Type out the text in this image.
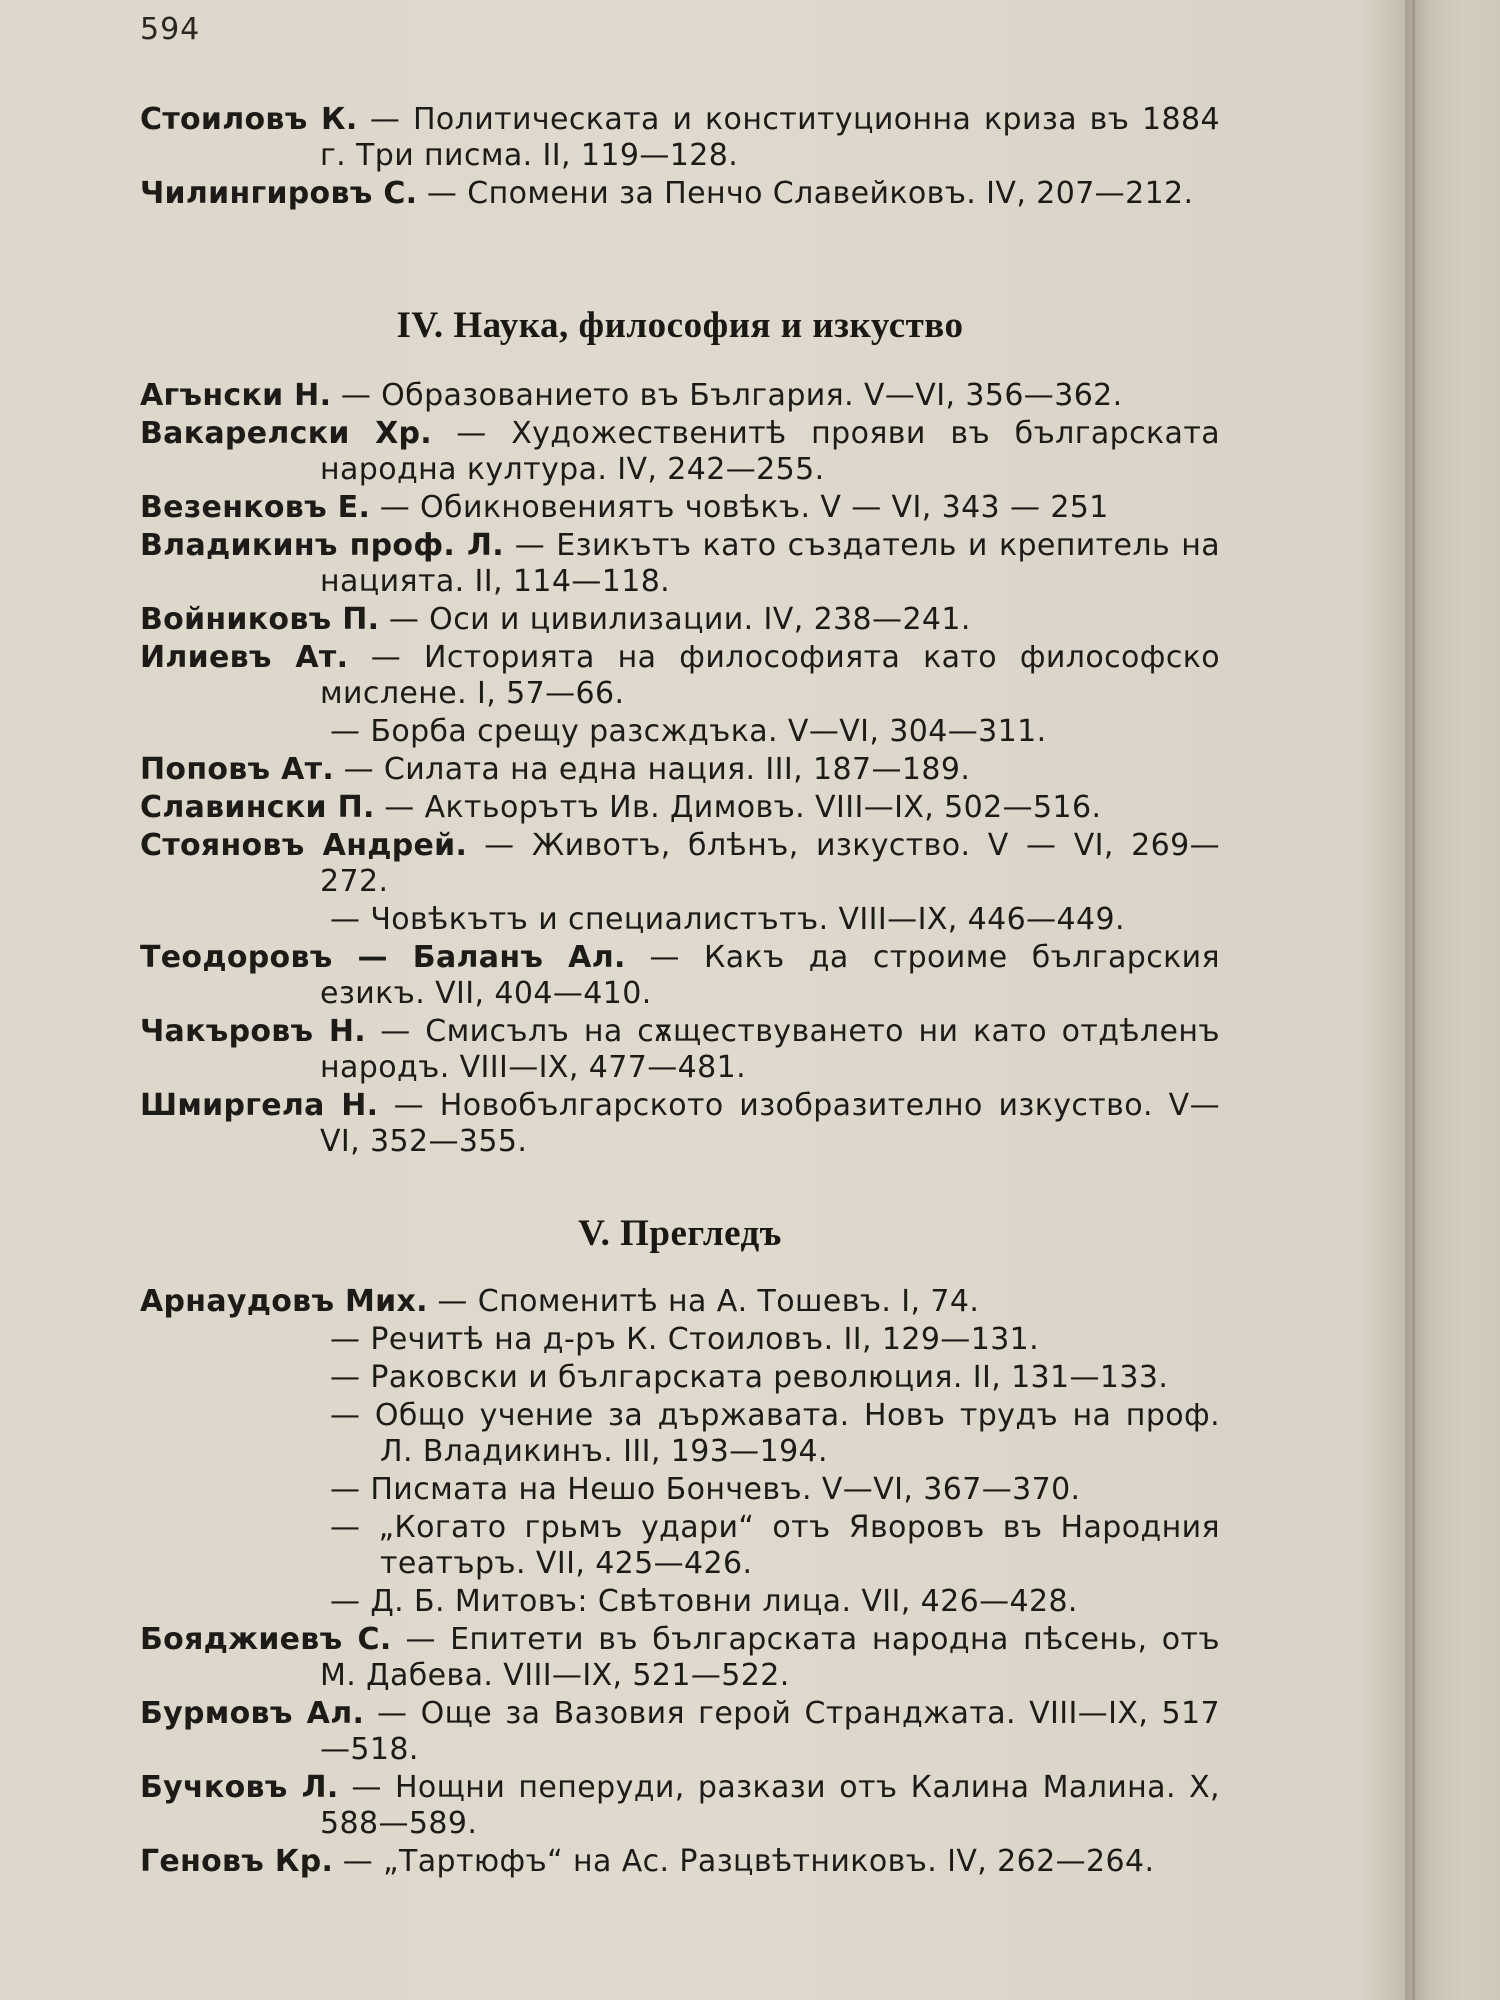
594
Стоиловъ К. — Политическата и конституционна криза въ 1884 г. Три писма. II, 119—128.
Чилингировъ С. — Спомени за Пенчо Славейковъ. IV, 207—212.
IV. Наука, философия и изкуство
Агънски Н. — Образованието въ България. V—VI, 356—362.
Вакарелски Хр. — Художественитѣ прояви въ българската народна култура. IV, 242—255.
Везенковъ Е. — Обикновениятъ човѣкъ. V — VI, 343 — 251
Владикинъ проф. Л. — Езикътъ като създатель и крепитель на нацията. II, 114—118.
Войниковъ П. — Оси и цивилизации. IV, 238—241.
Илиевъ Ат. — Историята на философията като философско мислене. I, 57—66.
— Борба срещу разсждъка. V—VI, 304—311.
Поповъ Ат. — Силата на една нация. III, 187—189.
Славински П. — Актьорътъ Ив. Димовъ. VIII—IX, 502—516.
Стояновъ Андрей. — Животъ, блѣнъ, изкуство. V — VI, 269—272.
— Човѣкътъ и специалистътъ. VIII—IX, 446—449.
Теодоровъ — Баланъ Ал. — Какъ да строиме българския езикъ. VII, 404—410.
Чакъровъ Н. — Смисълъ на сѫществуването ни като отдѣленъ народъ. VIII—IX, 477—481.
Шмиргела Н. — Новобългарското изобразително изкуство. V—VI, 352—355.
V. Прегледъ
Арнаудовъ Мих. — Споменитѣ на А. Тошевъ. I, 74.
— Речитѣ на д-ръ К. Стоиловъ. II, 129—131.
— Раковски и българската революция. II, 131—133.
— Общо учение за държавата. Новъ трудъ на проф. Л. Владикинъ. III, 193—194.
— Писмата на Нешо Бончевъ. V—VI, 367—370.
— „Когато грьмъ удари“ отъ Яворовъ въ Народния театъръ. VII, 425—426.
— Д. Б. Митовъ: Свѣтовни лица. VII, 426—428.
Бояджиевъ С. — Епитети въ българската народна пѣсень, отъ М. Дабева. VIII—IX, 521—522.
Бурмовъ Ал. — Още за Вазовия герой Странджата. VIII—IX, 517—518.
Бучковъ Л. — Нощни пеперуди, разкази отъ Калина Малина. X, 588—589.
Геновъ Кр. — „Тартюфъ“ на Ас. Разцвѣтниковъ. IV, 262—264.
